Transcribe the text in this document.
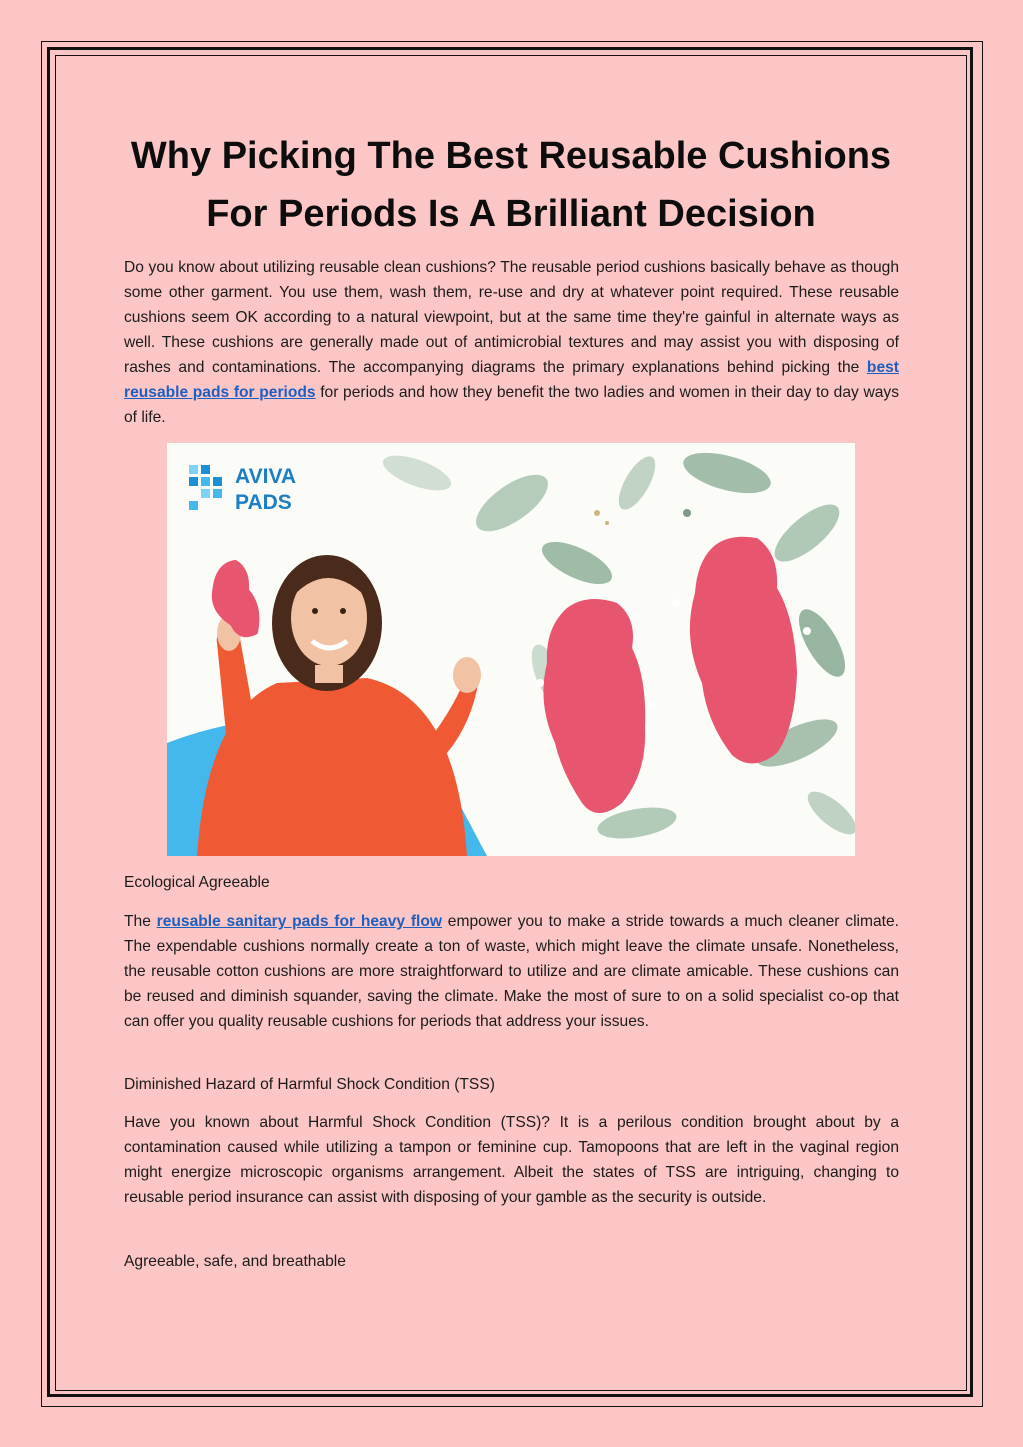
Why Picking The Best Reusable Cushions
For Periods Is A Brilliant Decision

Do you know about utilizing reusable clean cushions? The reusable period cushions basically behave as though some other garment. You use them, wash them, re-use and dry at whatever point required. These reusable cushions seem OK according to a natural viewpoint, but at the same time they're gainful in alternate ways as well. These cushions are generally made out of antimicrobial textures and may assist you with disposing of rashes and contaminations. The accompanying diagrams the primary explanations behind picking the best reusable pads for periods for periods and how they benefit the two ladies and women in their day to day ways of life.

AVIVA
PADS

Ecological Agreeable

The reusable sanitary pads for heavy flow empower you to make a stride towards a much cleaner climate. The expendable cushions normally create a ton of waste, which might leave the climate unsafe. Nonetheless, the reusable cotton cushions are more straightforward to utilize and are climate amicable. These cushions can be reused and diminish squander, saving the climate. Make the most of sure to on a solid specialist co-op that can offer you quality reusable cushions for periods that address your issues.

Diminished Hazard of Harmful Shock Condition (TSS)

Have you known about Harmful Shock Condition (TSS)? It is a perilous condition brought about by a contamination caused while utilizing a tampon or feminine cup. Tamopoons that are left in the vaginal region might energize microscopic organisms arrangement. Albeit the states of TSS are intriguing, changing to reusable period insurance can assist with disposing of your gamble as the security is outside.

Agreeable, safe, and breathable
